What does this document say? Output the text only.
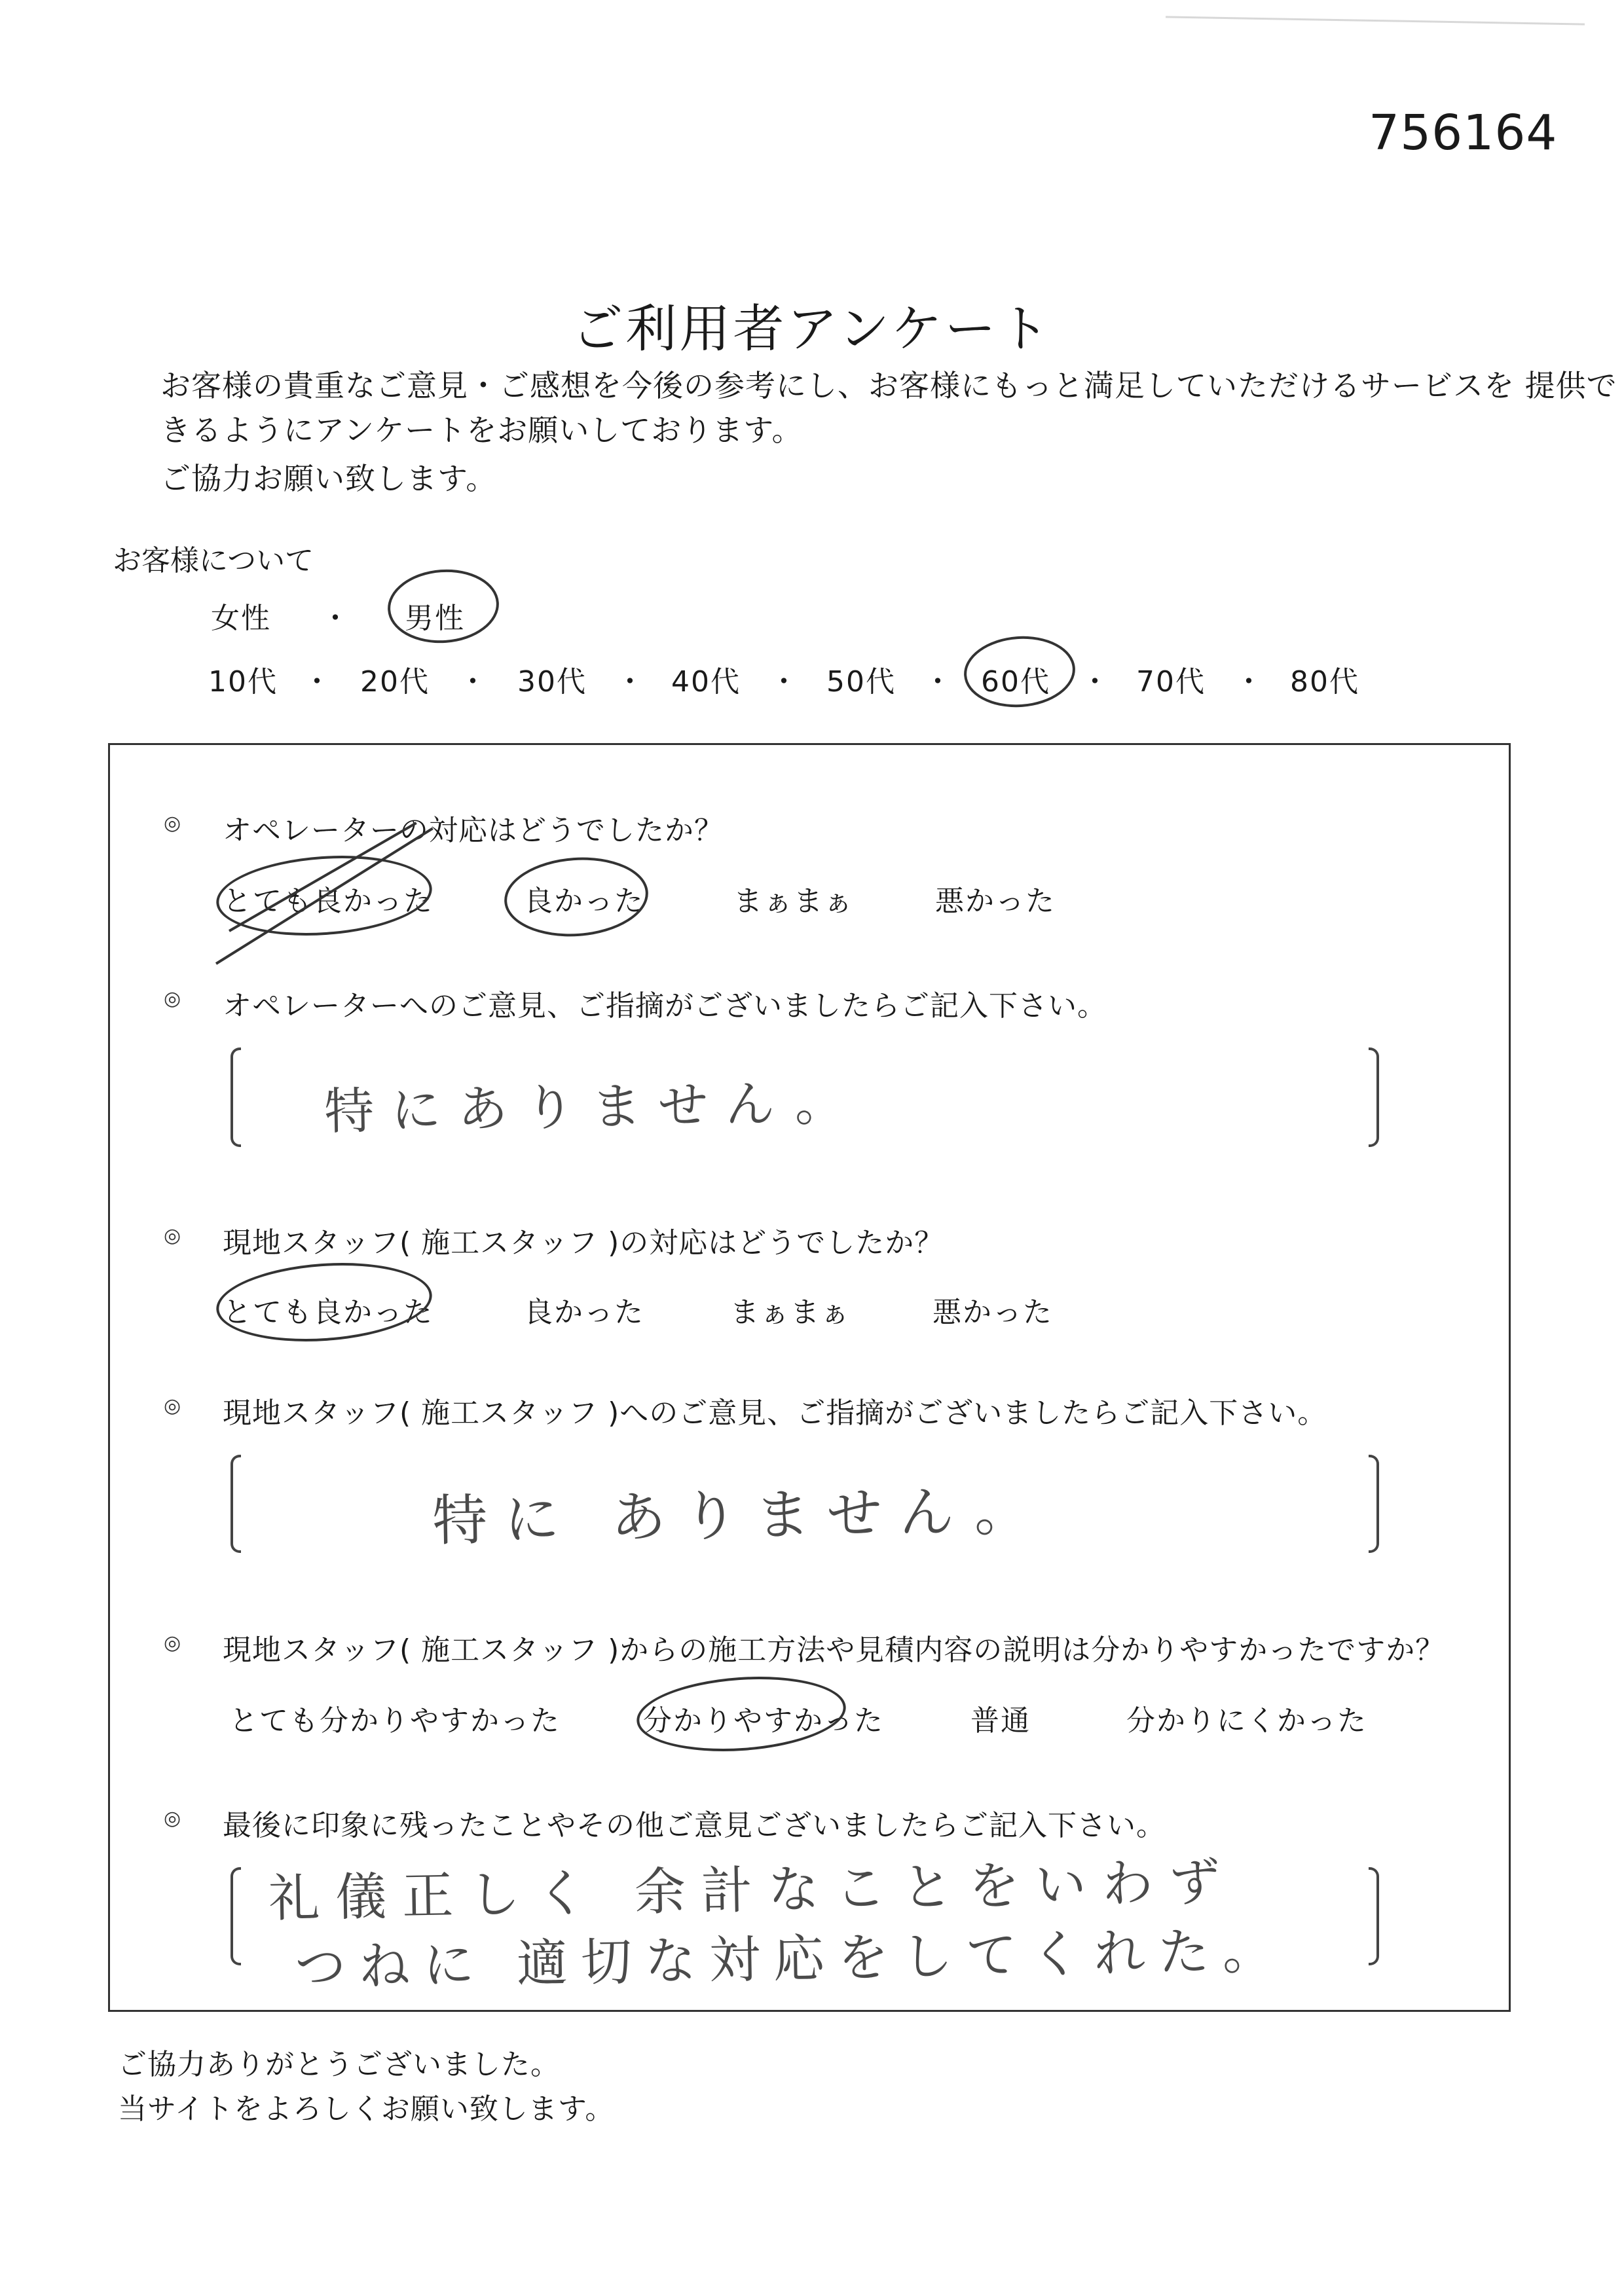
756164
ご利用者アンケート
お客様の貴重なご意見・ご感想を今後の参考にし、お客様にもっと満足していただけるサービスを 提供で
きるようにアンケートをお願いしております。
ご協力お願い致します。
お客様について
女性 ・ 男性
10代 ・ 20代 ・ 30代 ・ 40代 ・ 50代 ・ 60代 ・ 70代 ・ 80代
◎ オペレーターの対応はどうでしたか？
とても良かった	良かった	まぁまぁ	悪かった
◎ オペレーターへのご意見、ご指摘がございましたらご記入下さい。
特にありません。
◎ 現地スタッフ( 施工スタッフ )の対応はどうでしたか？
とても良かった	良かった	まぁまぁ	悪かった
◎ 現地スタッフ( 施工スタッフ )へのご意見、ご指摘がございましたらご記入下さい。
特に ありません。
◎ 現地スタッフ( 施工スタッフ )からの施工方法や見積内容の説明は分かりやすかったですか？
とても分かりやすかった	分かりやすかった	普通	分かりにくかった
◎ 最後に印象に残ったことやその他ご意見ございましたらご記入下さい。
礼儀正しく 余計なことをいわず
つねに 適切な対応をしてくれた。
ご協力ありがとうございました。
当サイトをよろしくお願い致します。
